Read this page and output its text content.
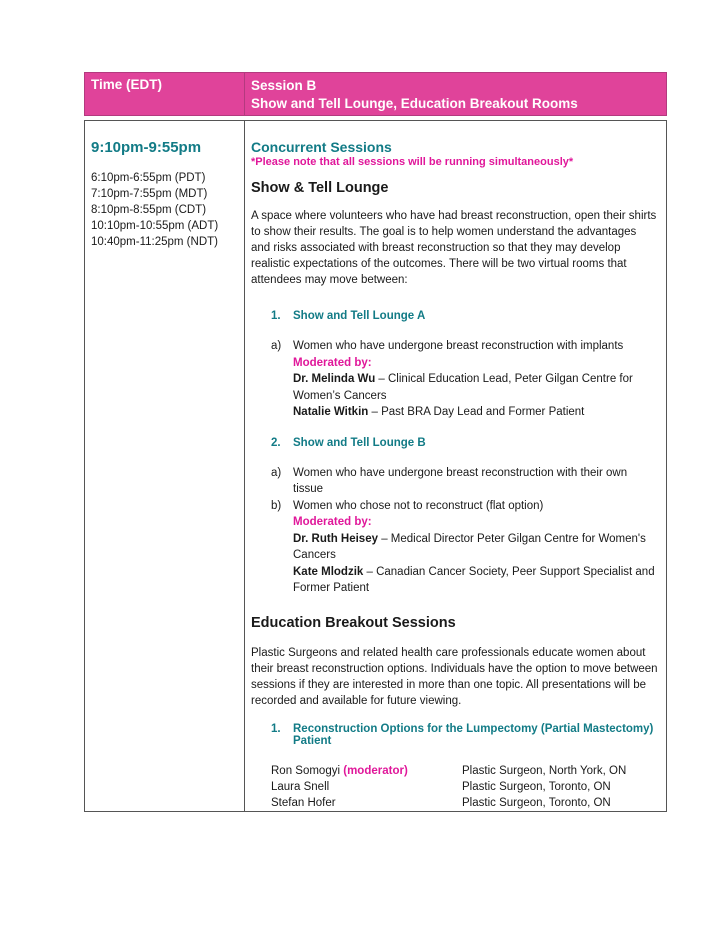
Time (EDT)	Session B
Show and Tell Lounge, Education Breakout Rooms
9:10pm-9:55pm
6:10pm-6:55pm (PDT)
7:10pm-7:55pm (MDT)
8:10pm-8:55pm (CDT)
10:10pm-10:55pm (ADT)
10:40pm-11:25pm (NDT)
Concurrent Sessions
*Please note that all sessions will be running simultaneously*
Show & Tell Lounge
A space where volunteers who have had breast reconstruction, open their shirts to show their results. The goal is to help women understand the advantages and risks associated with breast reconstruction so that they may develop realistic expectations of the outcomes. There will be two virtual rooms that attendees may move between:
1.	Show and Tell Lounge A
a)	Women who have undergone breast reconstruction with implants
Moderated by:
Dr. Melinda Wu – Clinical Education Lead, Peter Gilgan Centre for Women’s Cancers
Natalie Witkin – Past BRA Day Lead and Former Patient
2.	Show and Tell Lounge B
a)	Women who have undergone breast reconstruction with their own tissue
b)	Women who chose not to reconstruct (flat option)
Moderated by:
Dr. Ruth Heisey – Medical Director Peter Gilgan Centre for Women's Cancers
Kate Mlodzik – Canadian Cancer Society, Peer Support Specialist and Former Patient
Education Breakout Sessions
Plastic Surgeons and related health care professionals educate women about their breast reconstruction options. Individuals have the option to move between sessions if they are interested in more than one topic. All presentations will be recorded and available for future viewing.
1.	Reconstruction Options for the Lumpectomy (Partial Mastectomy) Patient
Ron Somogyi (moderator)	Plastic Surgeon, North York, ON
Laura Snell	Plastic Surgeon, Toronto, ON
Stefan Hofer	Plastic Surgeon, Toronto, ON
